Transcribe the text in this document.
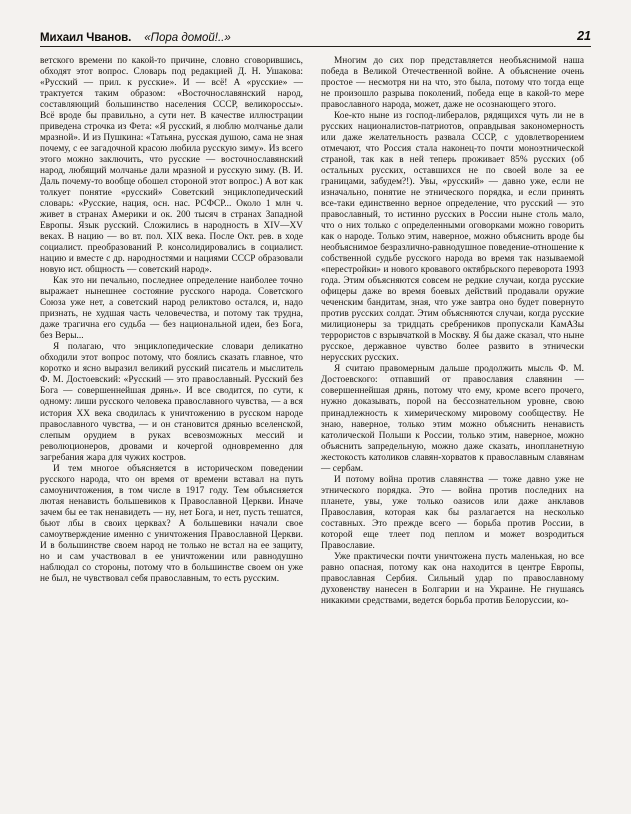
Михаил Чванов. «Пора домой!..»	21

ветского времени по какой-то причине, словно сговорившись, обходят этот вопрос. Словарь под редакцией Д. Н. Ушакова: «Русский — прил. к русские». И — всё! А «русские» — трактуется таким образом: «Восточнославянский народ, составляющий большинство населения СССР, великороссы». Всё вроде бы правильно, а сути нет. В качестве иллюстрации приведена строчка из Фета: «Я русский, я люблю молчанье дали мразной». И из Пушкина: «Татьяна, русская душою, сама не зная почему, с ее загадочной красою любила русскую зиму». Из всего этого можно заключить, что русские — восточнославянский народ, любящий молчанье дали мразной и русскую зиму. (В. И. Даль почему-то вообще обошел стороной этот вопрос.) А вот как толкует понятие «русский» Советский энциклопедический словарь: «Русские, нация, осн. нас. РСФСР... Около 1 млн ч. живет в странах Америки и ок. 200 тысяч в странах Западной Европы. Язык русский. Сложились в народность в XIV—XV веках. В нацию — во вт. пол. XIX века. После Окт. рев. в ходе социалист. преобразований Р. консолидировались в социалист. нацию и вместе с др. народностями и нациями СССР образовали новую ист. общность — советский народ».

Как это ни печально, последнее определение наиболее точно выражает нынешнее состояние русского народа. Советского Союза уже нет, а советский народ реликтово остался, и, надо признать, не худшая часть человечества, и потому так трудна, даже трагична его судьба — без национальной идеи, без Бога, без Веры...

Я полагаю, что энциклопедические словари деликатно обходили этот вопрос потому, что боялись сказать главное, что коротко и ясно выразил великий русский писатель и мыслитель Ф. М. Достоевский: «Русский — это православный. Русский без Бога — совершеннейшая дрянь». И все сводится, по сути, к одному: лиши русского человека православного чувства, — а вся история XX века сводилась к уничтожению в русском народе православного чувства, — и он становится дрянью вселенской, слепым орудием в руках всевозможных мессий и революционеров, дровами и кочергой одновременно для загребания жара для чужих костров.

И тем многое объясняется в историческом поведении русского народа, что он время от времени вставал на путь самоуничтожения, в том числе в 1917 году. Тем объясняется лютая ненависть большевиков к Православной Церкви. Иначе зачем бы ее так ненавидеть — ну, нет Бога, и нет, пусть тешатся, бьют лбы в своих церквах? А большевики начали свое самоутверждение именно с уничтожения Православной Церкви. И в большинстве своем народ не только не встал на ее защиту, но и сам участвовал в ее уничтожении или равнодушно наблюдал со стороны, потому что в большинстве своем он уже не был, не чувствовал себя православным, то есть русским.

Многим до сих пор представляется необъяснимой наша победа в Великой Отечественной войне. А объяснение очень простое — несмотря ни на что, это была, потому что тогда еще не произошло разрыва поколений, победа еще в какой-то мере православного народа, может, даже не осознающего этого.

Кое-кто ныне из господ-либералов, рядящихся чуть ли не в русских националистов-патриотов, оправдывая закономерность или даже желательность развала СССР, с удовлетворением отмечают, что Россия стала наконец-то почти моноэтнической страной, так как в ней теперь проживает 85% русских (об остальных русских, оставшихся не по своей воле за ее границами, забудем?!). Увы, «русский» — давно уже, если не изначально, понятие не этнического порядка, и если принять все-таки единственно верное определение, что русский — это православный, то истинно русских в России ныне столь мало, что о них только с определенными оговорками можно говорить как о народе. Только этим, наверное, можно объяснить вроде бы необъяснимое безразлично-равнодушное поведение-отношение к собственной судьбе русского народа во время так называемой «перестройки» и нового кровавого октябрьского переворота 1993 года. Этим объясняются совсем не редкие случаи, когда русские офицеры даже во время боевых действий продавали оружие чеченским бандитам, зная, что уже завтра оно будет повернуто против русских солдат. Этим объясняются случаи, когда русские милиционеры за тридцать сребреников пропускали КамАЗы террористов с взрывчаткой в Москву. Я бы даже сказал, что ныне русское, державное чувство более развито в этнически нерусских русских.

Я считаю правомерным дальше продолжить мысль Ф. М. Достоевского: отпавший от православия славянин — совершеннейшая дрянь, потому что ему, кроме всего прочего, нужно доказывать, порой на бессознательном уровне, свою принадлежность к химерическому мировому сообществу. Не знаю, наверное, только этим можно объяснить ненависть католической Польши к России, только этим, наверное, можно объяснить запредельную, можно даже сказать, инопланетную жестокость католиков славян-хорватов к православным славянам — сербам.

И потому война против славянства — тоже давно уже не этнического порядка. Это — война против последних на планете, увы, уже только оазисов или даже анклавов Православия, которая как бы разлагается на несколько составных. Это прежде всего — борьба против России, в которой еще тлеет под пеплом и может возродиться Православие.

Уже практически почти уничтожена пусть маленькая, но все равно опасная, потому как она находится в центре Европы, православная Сербия. Сильный удар по православному духовенству нанесен в Болгарии и на Украине. Не гнушаясь никакими средствами, ведется борьба против Белоруссии, ко-
